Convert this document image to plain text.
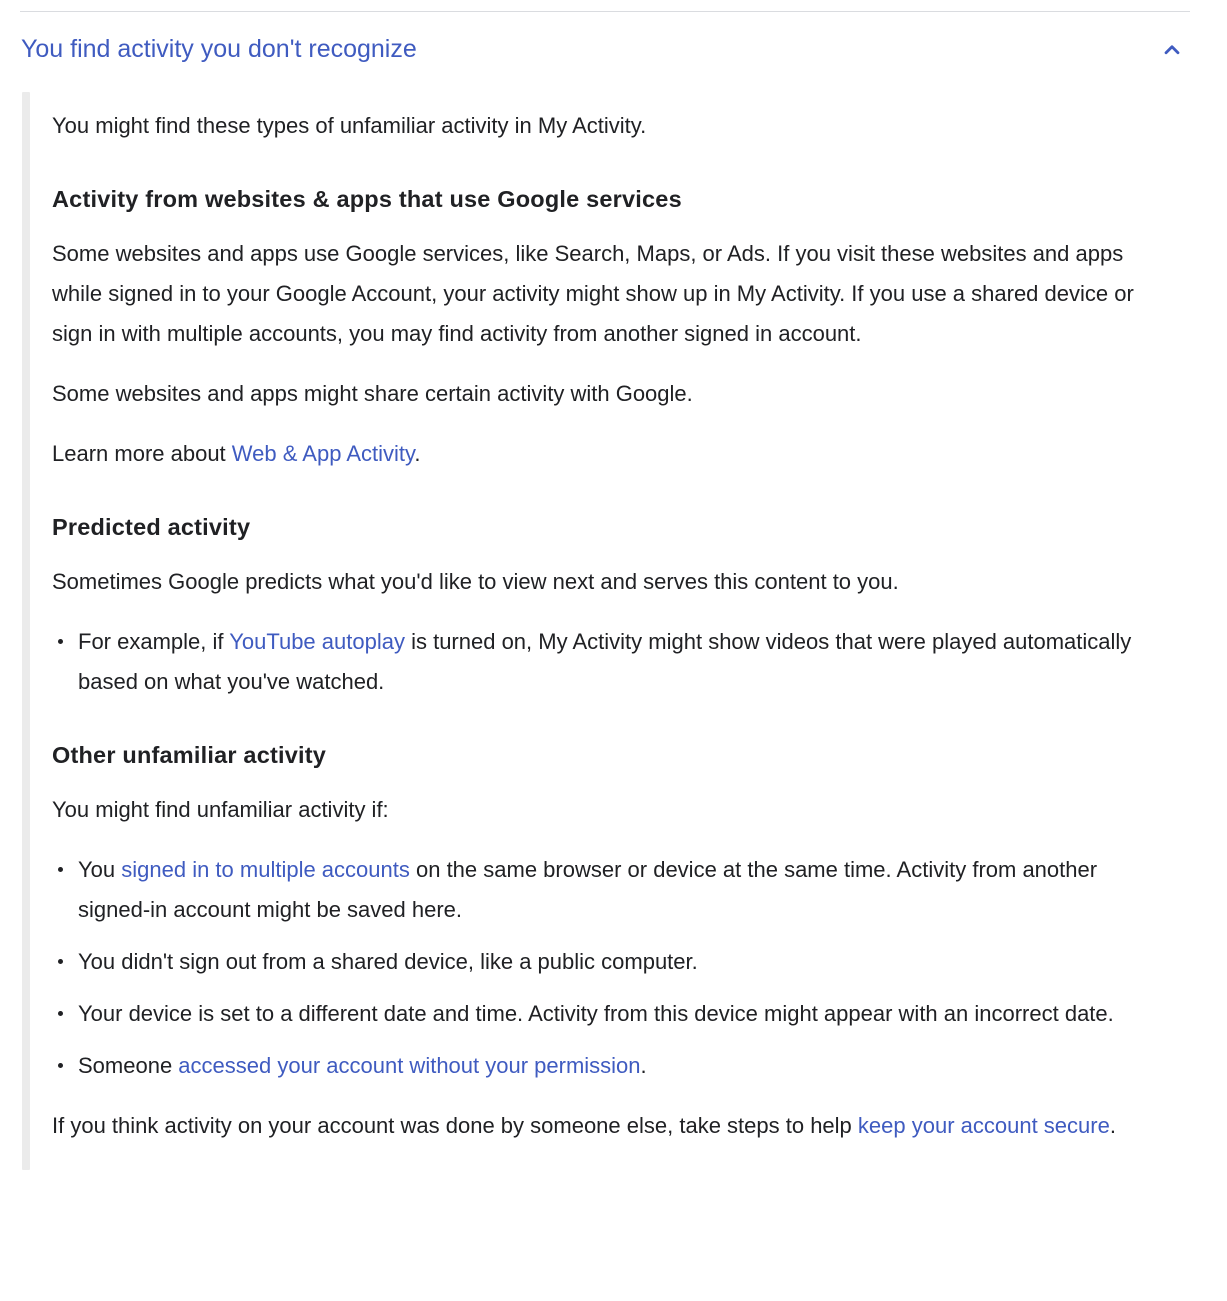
You find activity you don't recognize

You might find these types of unfamiliar activity in My Activity.

Activity from websites & apps that use Google services

Some websites and apps use Google services, like Search, Maps, or Ads. If you visit these websites and apps while signed in to your Google Account, your activity might show up in My Activity. If you use a shared device or sign in with multiple accounts, you may find activity from another signed in account.

Some websites and apps might share certain activity with Google.

Learn more about Web & App Activity.

Predicted activity

Sometimes Google predicts what you'd like to view next and serves this content to you.

For example, if YouTube autoplay is turned on, My Activity might show videos that were played automatically based on what you've watched.
Other unfamiliar activity

You might find unfamiliar activity if:

You signed in to multiple accounts on the same browser or device at the same time. Activity from another signed-in account might be saved here.
You didn't sign out from a shared device, like a public computer.
Your device is set to a different date and time. Activity from this device might appear with an incorrect date.
Someone accessed your account without your permission.

If you think activity on your account was done by someone else, take steps to help keep your account secure.
